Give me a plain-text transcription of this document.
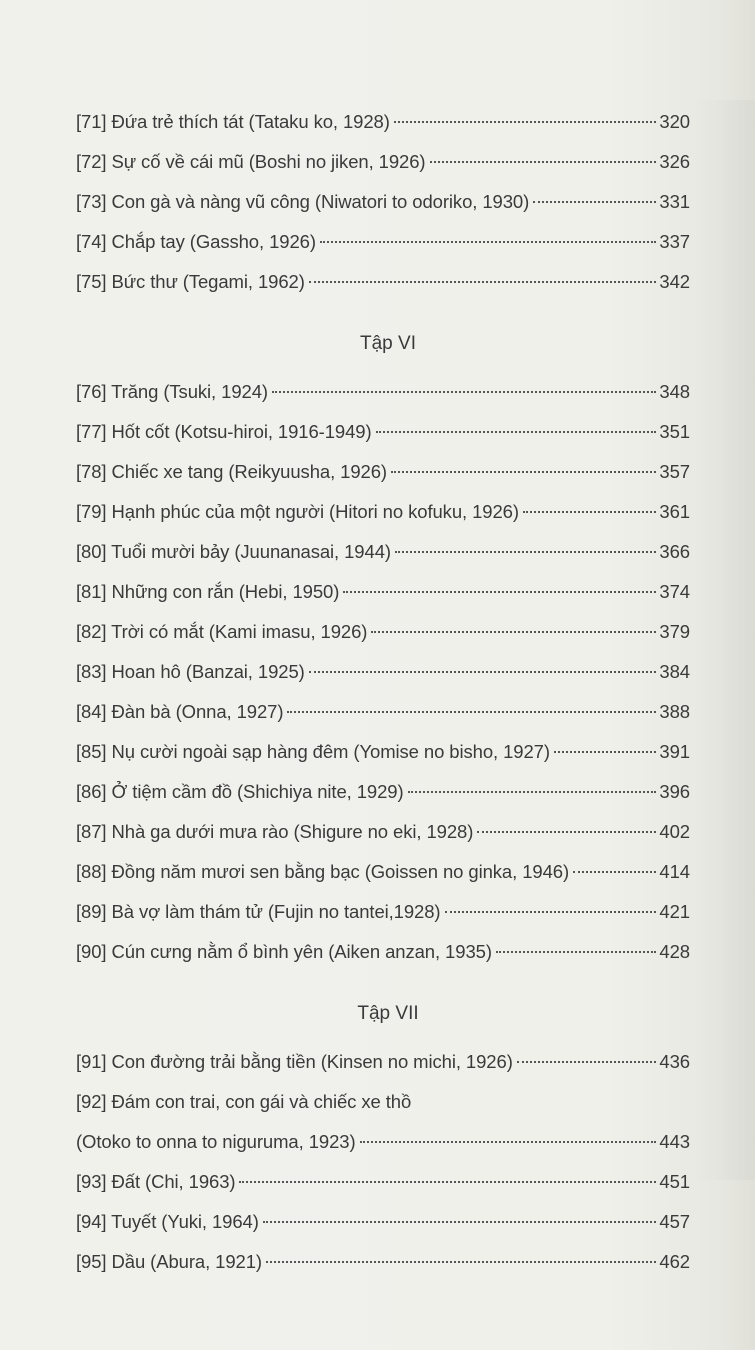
[71] Đứa trẻ thích tát (Tataku ko, 1928)	320
[72] Sự cố về cái mũ (Boshi no jiken, 1926)	326
[73] Con gà và nàng vũ công (Niwatori to odoriko, 1930)	331
[74] Chắp tay (Gassho, 1926)	337
[75] Bức thư (Tegami, 1962)	342
Tập VI
[76] Trăng (Tsuki, 1924)	348
[77] Hốt cốt (Kotsu-hiroi, 1916-1949)	351
[78] Chiếc xe tang (Reikyuusha, 1926)	357
[79] Hạnh phúc của một người (Hitori no kofuku, 1926)	361
[80] Tuổi mười bảy (Juunanasai, 1944)	366
[81] Những con rắn (Hebi, 1950)	374
[82] Trời có mắt (Kami imasu, 1926)	379
[83] Hoan hô (Banzai, 1925)	384
[84] Đàn bà (Onna, 1927)	388
[85] Nụ cười ngoài sạp hàng đêm (Yomise no bisho, 1927)	391
[86] Ở tiệm cầm đồ (Shichiya nite, 1929)	396
[87] Nhà ga dưới mưa rào (Shigure no eki, 1928)	402
[88] Đồng năm mươi sen bằng bạc (Goissen no ginka, 1946)	414
[89] Bà vợ làm thám tử (Fujin no tantei,1928)	421
[90] Cún cưng nằm ổ bình yên (Aiken anzan, 1935)	428
Tập VII
[91] Con đường trải bằng tiền (Kinsen no michi, 1926)	436
[92] Đám con trai, con gái và chiếc xe thồ
(Otoko to onna to niguruma, 1923)	443
[93] Đất (Chi, 1963)	451
[94] Tuyết (Yuki, 1964)	457
[95] Dầu (Abura, 1921)	462
